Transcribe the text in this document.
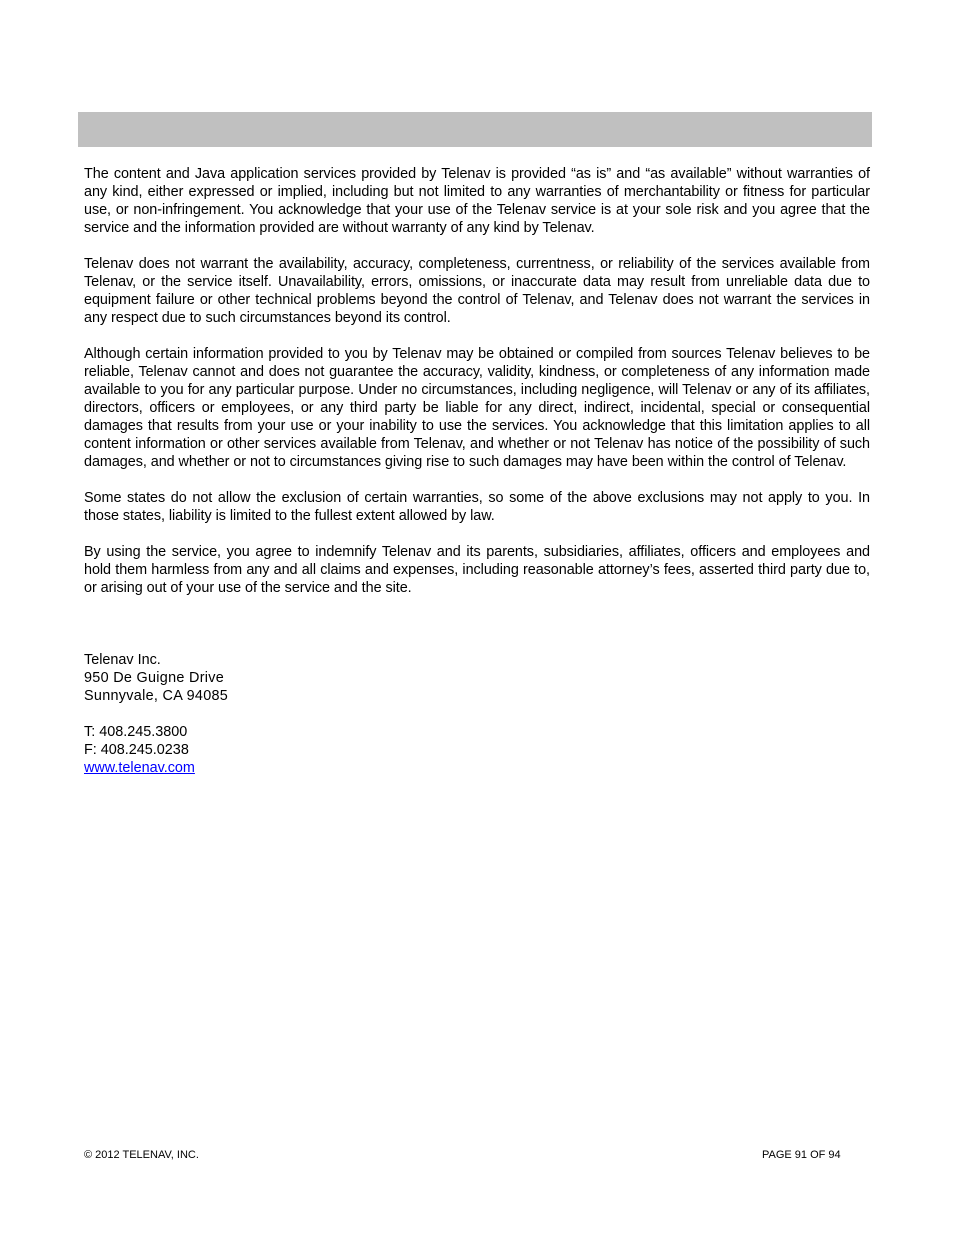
The content and Java application services provided by Telenav is provided “as is” and “as available” without warranties of any kind, either expressed or implied, including but not limited to any warranties of merchantability or fitness for particular use, or non-infringement. You acknowledge that your use of the Telenav service is at your sole risk and you agree that the service and the information provided are without warranty of any kind by Telenav.

Telenav does not warrant the availability, accuracy, completeness, currentness, or reliability of the services available from Telenav, or the service itself. Unavailability, errors, omissions, or inaccurate data may result from unreliable data due to equipment failure or other technical problems beyond the control of Telenav, and Telenav does not warrant the services in any respect due to such circumstances beyond its control.

Although certain information provided to you by Telenav may be obtained or compiled from sources Telenav believes to be reliable, Telenav cannot and does not guarantee the accuracy, validity, kindness, or completeness of any information made available to you for any particular purpose. Under no circumstances, including negligence, will Telenav or any of its affiliates, directors, officers or employees, or any third party be liable for any direct, indirect, incidental, special or consequential damages that results from your use or your inability to use the services. You acknowledge that this limitation applies to all content information or other services available from Telenav, and whether or not Telenav has notice of the possibility of such damages, and whether or not to circumstances giving rise to such damages may have been within the control of Telenav.

Some states do not allow the exclusion of certain warranties, so some of the above exclusions may not apply to you. In those states, liability is limited to the fullest extent allowed by law.

By using the service, you agree to indemnify Telenav and its parents, subsidiaries, affiliates, officers and employees and hold them harmless from any and all claims and expenses, including reasonable attorney’s fees, asserted third party due to, or arising out of your use of the service and the site.

Telenav Inc.
950 De Guigne Drive
Sunnyvale, CA 94085
T: 408.245.3800
F: 408.245.0238
www.telenav.com
© 2012 TELENAV, INC.	PAGE 91 OF 94
